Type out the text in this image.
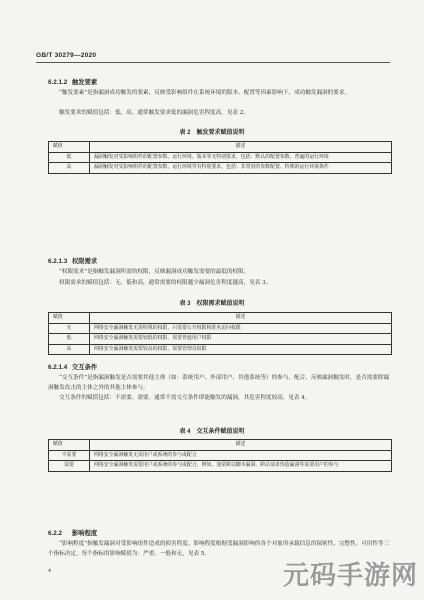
GB/T 30279—2020
6.2.1.2 触发要素
“触发要素”是指漏洞成功触发的要素，反映受影响组件在系统环境的版本、配置等因素影响下，成功触发漏洞的要求。
触发要求的赋值包括：低、高。通常触发要求低的漏洞危害程度高，见表 2。
表 2　触发要求赋值说明
赋值	描述
低	漏洞触发对受影响组件的配置参数、运行环境、版本等无特别要求，包括：默认的配置参数、普遍的运行环境
高	漏洞触发对受影响组件的配置参数、运行环境等有特别要求，包括：非常用的参数配置、特殊的运行环境条件
6.2.1.3 权限需求
“权限需求”是指触发漏洞所需的权限，反映漏洞成功触发需要的最低的权限。
权限需求的赋值包括：无、低和高，通常需要的权限越少漏洞危害程度越高，见表 3。
表 3　权限需求赋值说明
赋值	描述
无	网络安全漏洞触发无需特殊的权限，只需要公开权限和匿名访问权限
低	网络安全漏洞触发需要较低的权限，需要普通用户权限
高	网络安全漏洞触发需要较高的权限，需要管理员权限
6.2.1.4 交互条件
“交互条件”是指漏洞触发是否需要其他主体（如：系统用户、外部用户、其他系统等）的参与、配合，反映漏洞触发时，是否需要除漏洞触发攻击的主体之外的其他主体参与。
交互条件的赋值包括：不需要、需要。通常不需交互条件即能触发的漏洞，其危害程度较高，见表 4。
表 4　交互条件赋值说明
赋值	描述
不需要	网络安全漏洞触发无需用户或系统的参与或配合
需要	网络安全漏洞触发需要用户或系统的参与或配合，例如，通常跨站脚本漏洞、跨站请求伪造漏洞等需要用户的参与
6.2.2 影响程度
“影响程度”指触发漏洞对受影响组件造成的损害程度。影响程度根据受漏洞影响的各个对象所承载信息的保密性、完整性、可用性等三个指标决定，每个指标的影响赋值为：严重、一般和无，见表 5。
4	元码手游网
